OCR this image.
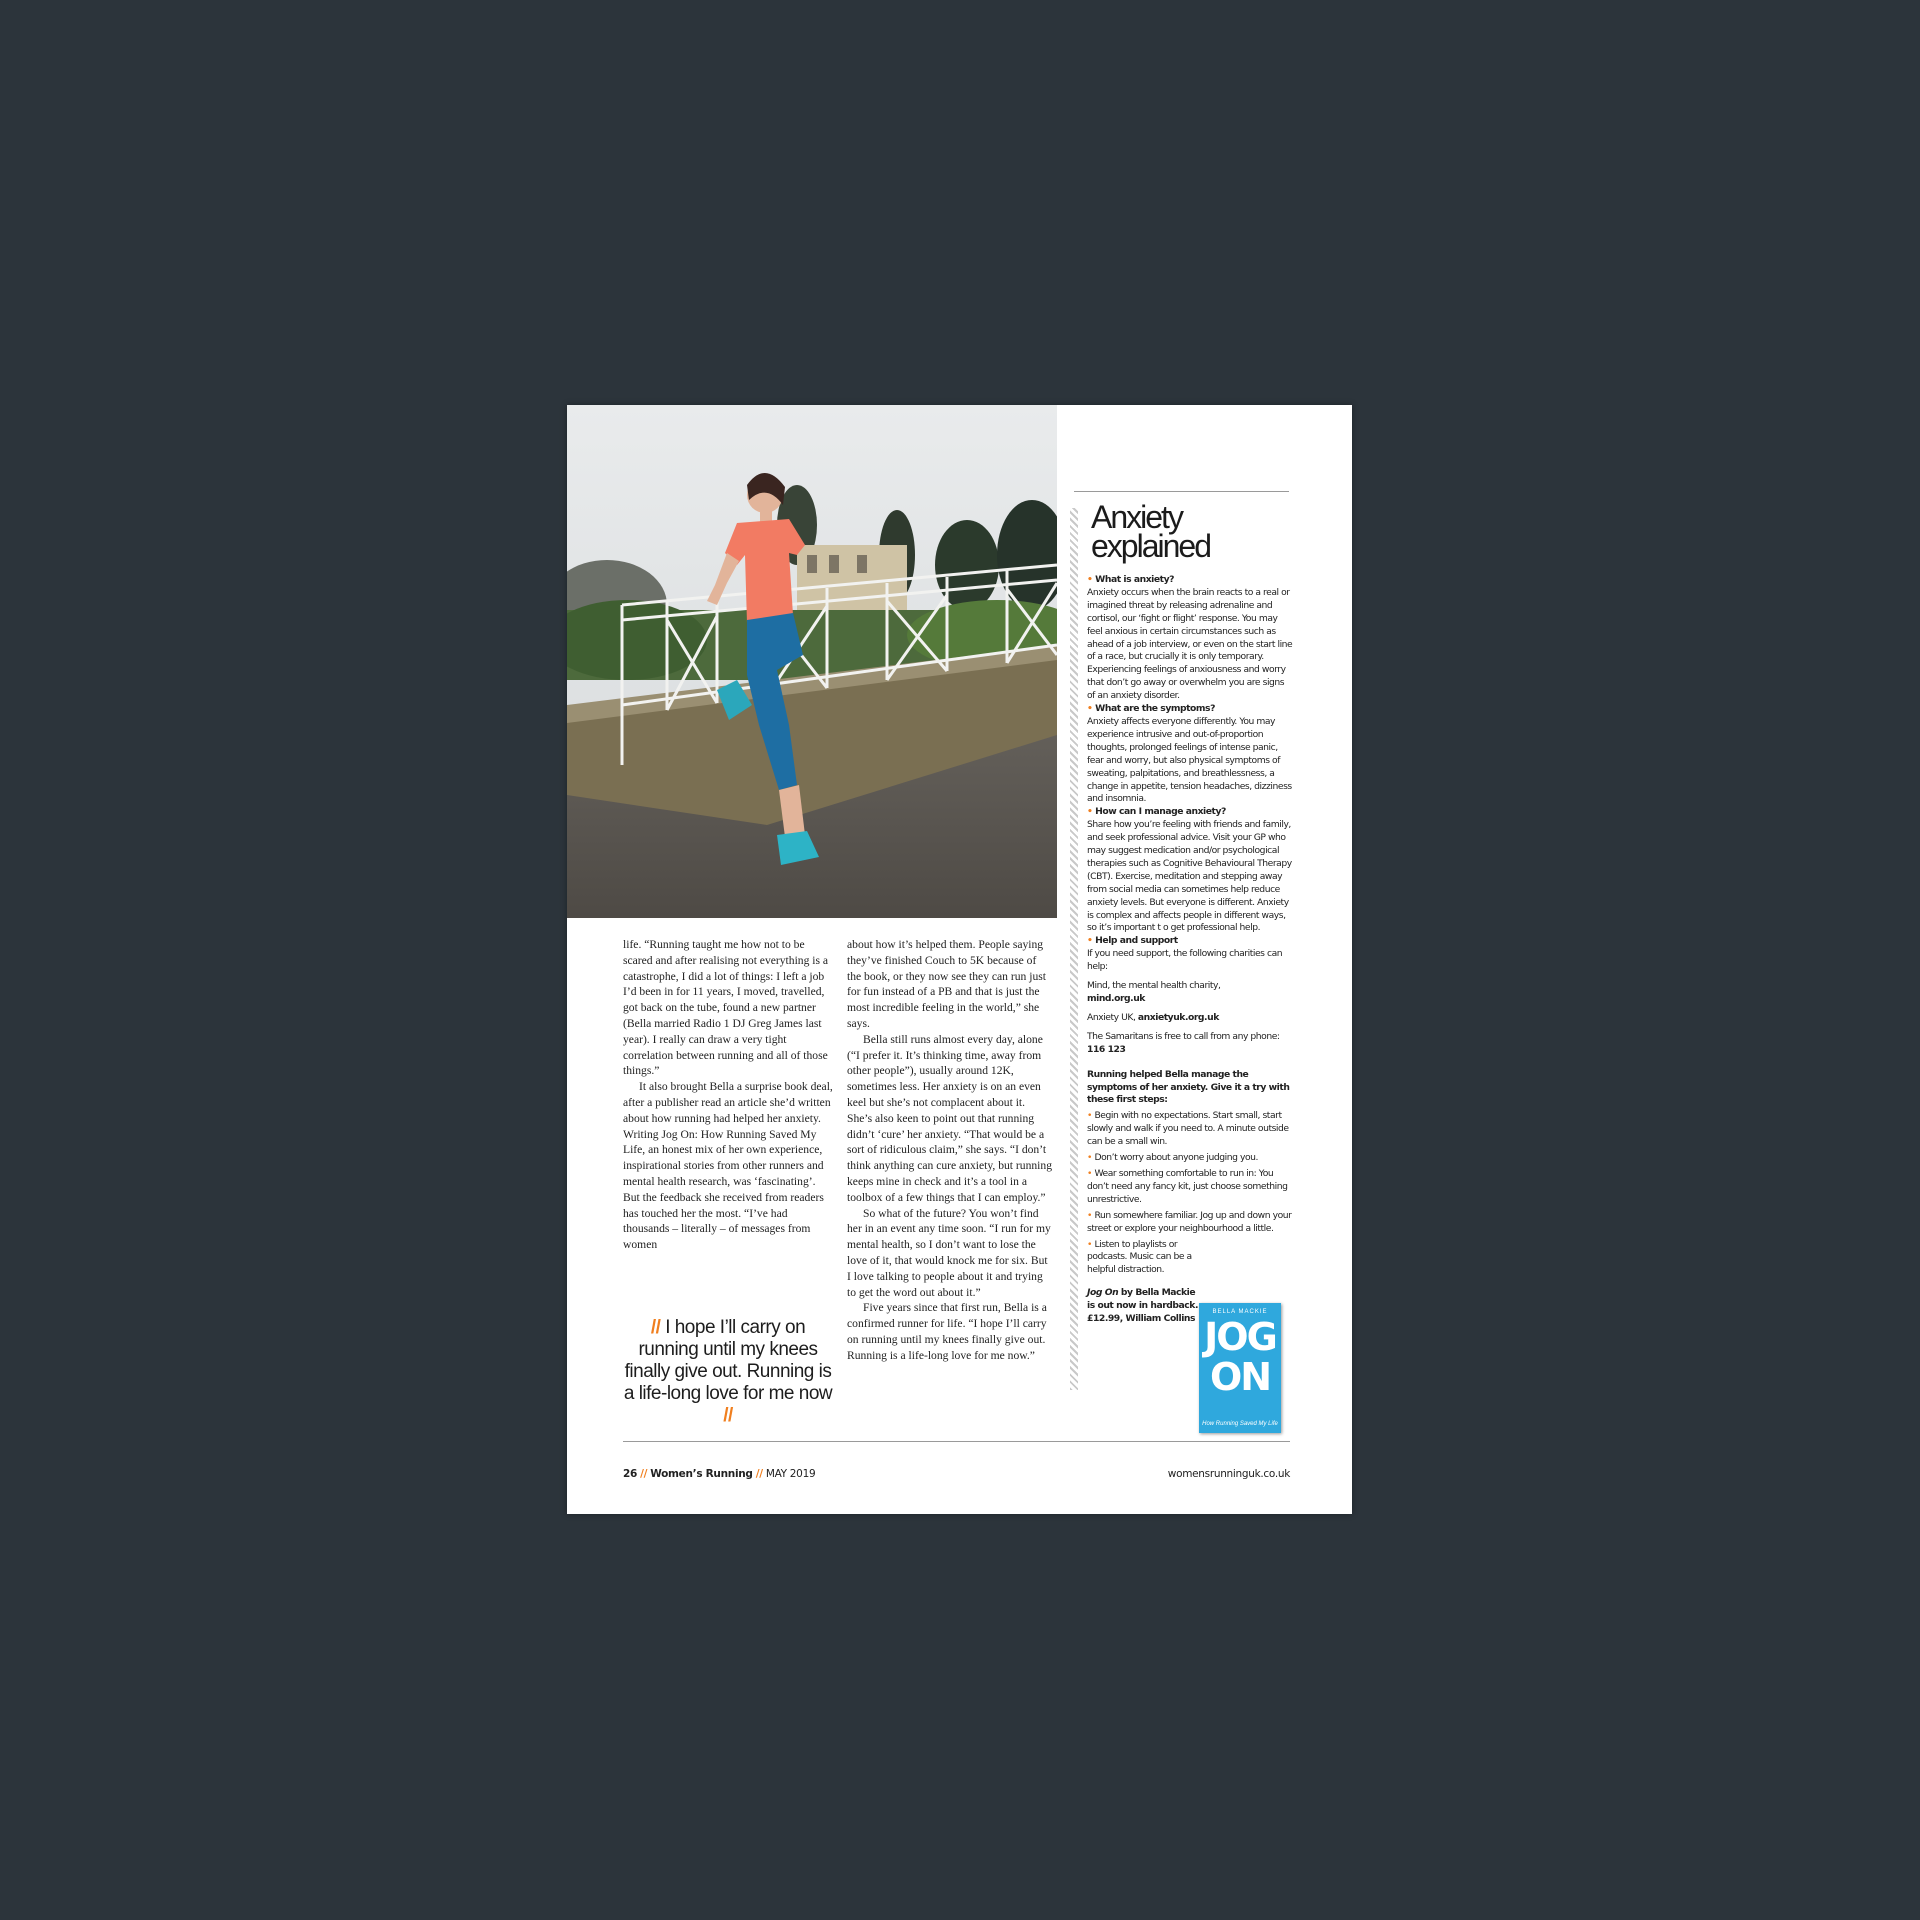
life. “Running taught me how not to be scared and after realising not everything is a catastrophe, I did a lot of things: I left a job I’d been in for 11 years, I moved, travelled, got back on the tube, found a new partner (Bella married Radio 1 DJ Greg James last year). I really can draw a very tight correlation between running and all of those things.”

It also brought Bella a surprise book deal, after a publisher read an article she’d written about how running had helped her anxiety. Writing Jog On: How Running Saved My Life, an honest mix of her own experience, inspirational stories from other runners and mental health research, was ‘fascinating’. But the feedback she received from readers has touched her the most. “I’ve had thousands – literally – of messages from women

about how it’s helped them. People saying they’ve finished Couch to 5K because of the book, or they now see they can run just for fun instead of a PB and that is just the most incredible feeling in the world,” she says.

Bella still runs almost every day, alone (“I prefer it. It’s thinking time, away from other people”), usually around 12K, sometimes less. Her anxiety is on an even keel but she’s not complacent about it. She’s also keen to point out that running didn’t ‘cure’ her anxiety. “That would be a sort of ridiculous claim,” she says. “I don’t think anything can cure anxiety, but running keeps mine in check and it’s a tool in a toolbox of a few things that I can employ.”

So what of the future? You won’t find her in an event any time soon. “I run for my mental health, so I don’t want to lose the love of it, that would knock me for six. But I love talking to people about it and trying to get the word out about it.”

Five years since that first run, Bella is a confirmed runner for life. “I hope I’ll carry on running until my knees finally give out. Running is a life-long love for me now.”

// I hope I’ll carry on running until my knees finally give out. Running is a life-long love for me now //
Anxiety
explained

• What is anxiety?

Anxiety occurs when the brain reacts to a real or imagined threat by releasing adrenaline and cortisol, our ‘fight or flight’ response. You may feel anxious in certain circumstances such as ahead of a job interview, or even on the start line of a race, but crucially it is only temporary. Experiencing feelings of anxiousness and worry that don’t go away or overwhelm you are signs of an anxiety disorder.

• What are the symptoms?

Anxiety affects everyone differently. You may experience intrusive and out-of-proportion thoughts, prolonged feelings of intense panic, fear and worry, but also physical symptoms of sweating, palpitations, and breathlessness, a change in appetite, tension headaches, dizziness and insomnia.

• How can I manage anxiety?

Share how you’re feeling with friends and family, and seek professional advice. Visit your GP who may suggest medication and/or psychological therapies such as Cognitive Behavioural Therapy (CBT). Exercise, meditation and stepping away from social media can sometimes help reduce anxiety levels. But everyone is different. Anxiety is complex and affects people in different ways, so it’s important t o get professional help.

• Help and support

If you need support, the following charities can help:

Mind, the mental health charity,
mind.org.uk

Anxiety UK, anxietyuk.org.uk

The Samaritans is free to call from any phone: 116 123

Running helped Bella manage the symptoms of her anxiety. Give it a try with these first steps:

• Begin with no expectations. Start small, start slowly and walk if you need to. A minute outside can be a small win.

• Don’t worry about anyone judging you.

• Wear something comfortable to run in: You don’t need any fancy kit, just choose something unrestrictive.

• Run somewhere familiar. Jog up and down your street or explore your neighbourhood a little.

• Listen to playlists or podcasts. Music can be a helpful distraction.

Jog On by Bella Mackie is out now in hardback. £12.99, William Collins

BELLA MACKIE
JOG
ON
How Running Saved My Life
26 // Women’s Running // MAY 2019	womensrunninguk.co.uk
